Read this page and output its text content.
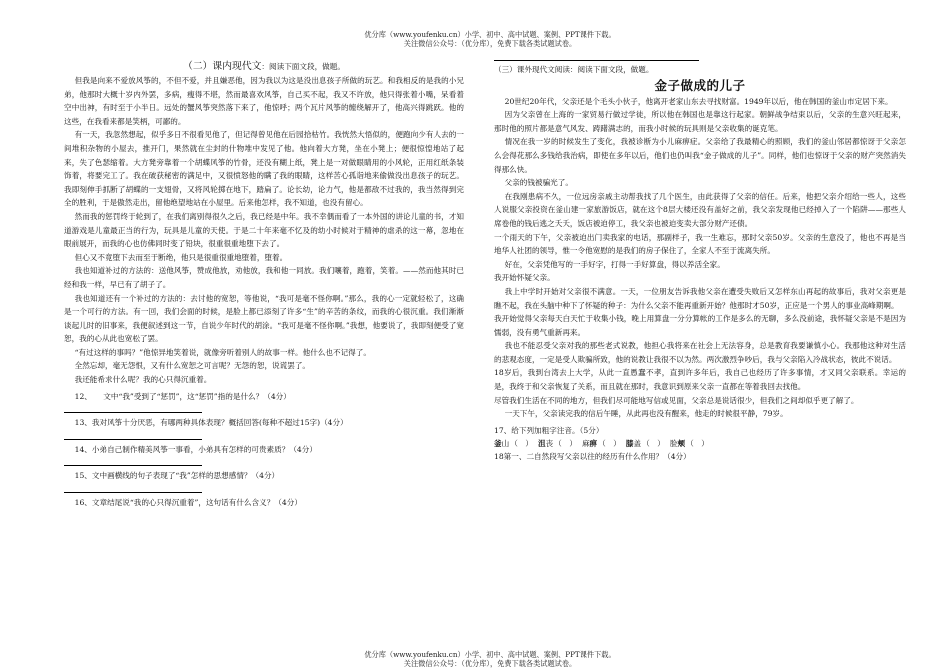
优分库（www.youfenku.cn）小学、初中、高中试题、案例、PPT课件下载。
关注微信公众号：（优分库），免费下载各类试题试卷。
（二）课内现代文：阅读下面文段，做题。

但我是向来不爱放风筝的，不但不爱，并且嫌恶他，因为我以为这是没出息孩子所做的玩艺。和我相反的是我的小兄弟，他那时大概十岁内外罢，多病，瘦得不堪，然而最喜欢风筝，自己买不起，我又不许放，他只得张着小嘴，呆看着空中出神，有时至于小半日。远处的蟹风筝突然落下来了，他惊呼；两个瓦片风筝的缠绕解开了，他高兴得跳跃。他的这些，在我看来都是笑柄，可鄙的。

有一天，我忽然想起，似乎多日不很看见他了，但记得曾见他在后园拾枯竹。我恍然大悟似的，便跑向少有人去的一间堆积杂物的小屋去，推开门，果然就在尘封的什物堆中发见了他。他向着大方凳，坐在小凳上；便很惊惶地站了起来，失了色瑟缩着。大方凳旁靠着一个胡蝶风筝的竹骨，还没有糊上纸，凳上是一对做眼睛用的小风轮，正用红纸条装饰着，将要完工了。我在破获秘密的满足中，又很愤怒他的瞒了我的眼睛，这样苦心孤诣地来偷做没出息孩子的玩艺。我即刻伸手抓断了胡蝶的一支翅骨，又将风轮掷在地下，踏扁了。论长幼，论力气，他是都敌不过我的，我当然得到完全的胜利，于是傲然走出，留他绝望地站在小屋里。后来他怎样，我不知道，也没有留心。

然而我的惩罚终于轮到了，在我们离别得很久之后，我已经是中年。我不幸偶而看了一本外国的讲论儿童的书，才知道游戏是儿童最正当的行为，玩具是儿童的天使。于是二十年来毫不忆及的幼小时候对于精神的虐杀的这一幕，忽地在眼前展开，而我的心也仿佛同时变了铅块，很重很重地堕下去了。

但心又不竟堕下去而至于断绝，他只是很重很重地堕着，堕着。

我也知道补过的方法的：送他风筝，赞成他放，劝他放，我和他一同放。我们嚷着，跑着，笑着。——然而他其时已经和我一样，早已有了胡子了。

我也知道还有一个补过的方法的：去讨他的宽恕，等他说，“我可是毫不怪你啊。”那么，我的心一定就轻松了，这确是一个可行的方法。有一回，我们会面的时候，是脸上都已添刻了许多“生”的辛苦的条纹，而我的心很沉重。我们渐渐谈起儿时的旧事来，我便叙述到这一节，自说少年时代的胡涂。“我可是毫不怪你啊。”我想，他要说了，我即刻便受了宽恕，我的心从此也宽松了罢。

“有过这样的事吗？”他惊异地笑着说，就像旁听着别人的故事一样。他什么也不记得了。

全然忘却，毫无怨恨，又有什么宽恕之可言呢？无怨的恕，说谎罢了。

我还能希求什么呢？我的心只得沉重着。

12、　　文中“我”受到了“惩罚”，这“惩罚”指的是什么？（4分）

13、我对风筝十分厌恶，有哪两种具体表现？概括回答(每种不超过15字)（4分）

14、小弟自己制作精美风筝一事看，小弟具有怎样的可贵素质？（4分）

15、文中画横线的句子表现了“我”怎样的思想感情？（4分）

16、文章结尾说“我的心只得沉重着”，这句话有什么含义？（4分）

（三）课外现代文阅读：阅读下面文段，做题。

金子做成的儿子

20世纪20年代，父亲还是个毛头小伙子，他离开老家山东去寻找财富。1949年以后，他在韩国的釜山市定居下来。

因为父亲曾在上海的一家贸易行做过学徒，所以他在韩国也是靠这行起家。朝鲜战争结束以后，父亲的生意兴旺起来，那时他的照片都是意气风发、踌躇满志的，而我小时候的玩具则是父亲收集的诞克笔。

情况在我一岁的时候发生了变化，我被诊断为小儿麻痹症。父亲给了我最精心的照顾，我们的釜山邻居都惊讶于父亲怎么会得花那么多钱给我治病，即使在多年以后，他们也仍叫我“金子做成的儿子”。同样，他们也惊讶于父亲的财产突然消失得那么快。

父亲的钱被骗光了。

在我刚患病不久，一位远房亲戚主动帮我找了几个医生，由此获得了父亲的信任。后来，他把父亲介绍给一些人，这些人说服父亲投资在釜山建一家旅游饭店，就在这个8层大楼还没有盖好之前，我父亲发现他已经掉入了一个陷阱——那些人席卷他的钱后逃之夭夭，饭店被迫停工，我父亲也被迫变卖大部分财产还债。

一个雨天的下午，父亲被迫出门卖我家的电话，那副样子，我一生难忘，那时父亲50岁。父亲的生意没了，他也不再是当地华人社团的领导，惟一令他宽慰的是我们的房子保住了，全家人不至于流离失所。

好在，父亲凭他写的一手好字，打得一手好算盘，得以养活全家。

我开始怀疑父亲。

我上中学时开始对父亲很不满意。一天，一位朋友告诉我他父亲在遭受失败后又怎样东山再起的故事后，我对父亲更是瞧不起，我在头脑中种下了怀疑的种子：为什么父亲不能再重新开始？他那时才50岁，正应是一个男人的事业高峰期啊。

我开始觉得父亲每天白天忙于收集小钱，晚上用算盘一分分算帐的工作是多么的无聊，多么没前途，我怀疑父亲是不是因为懦弱，没有勇气重新再来。

我也不能忍受父亲对我的那些老式说教，他担心我将来在社会上无法容身，总是教育我要谦慎小心。我那他这种对生活的悲观态度，一定是受人欺骗所致，他的说教让我很不以为然。两次激烈争吵后，我与父亲陷入冷战状态，彼此不说话。

18岁后，我到台湾去上大学，从此一直愚蠢不孝，直到许多年后，我自己也经历了许多事情，才又同父亲联系。幸运的是，我终于和父亲恢复了关系，而且就在那时，我意识到原来父亲一直都在等着我回去找他。

尽管我们生活在不同的地方，但我们尽可能地写信或见面，父亲总是说话很少，但我们之间却似乎更了解了。

一天下午，父亲读完我的信后午睡，从此再也没有醒来，他走的时候很平静，79岁。

17、给下列加粗字注音。（5分）

釜山（　） 沮丧（　） 麻痹（　） 膝盖（　） 脸颊（　）

18第一、二自然段写父亲以往的经历有什么作用？（4分）

优分库（www.youfenku.cn）小学、初中、高中试题、案例、PPT课件下载。
关注微信公众号：（优分库），免费下载各类试题试卷。
